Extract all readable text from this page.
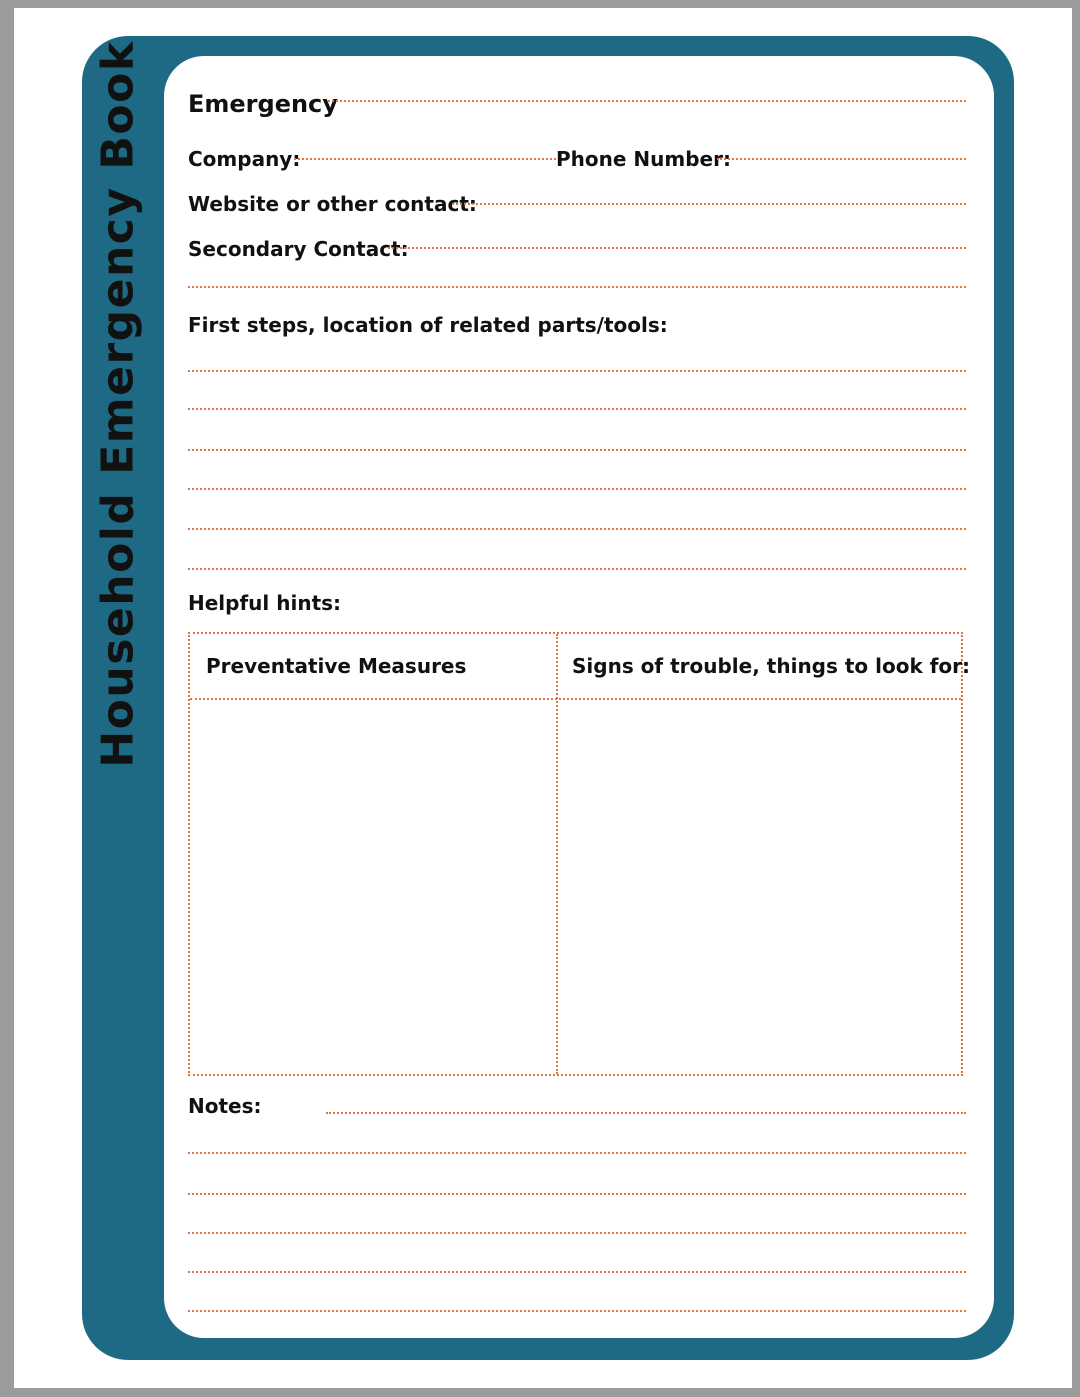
Household Emergency Book Emergency
Company:	Phone Number:
Website or other contact:
Secondary Contact:
First steps, location of related parts/tools:
Helpful hints:
Preventative Measures	Signs of trouble, things to look for:
Notes:
